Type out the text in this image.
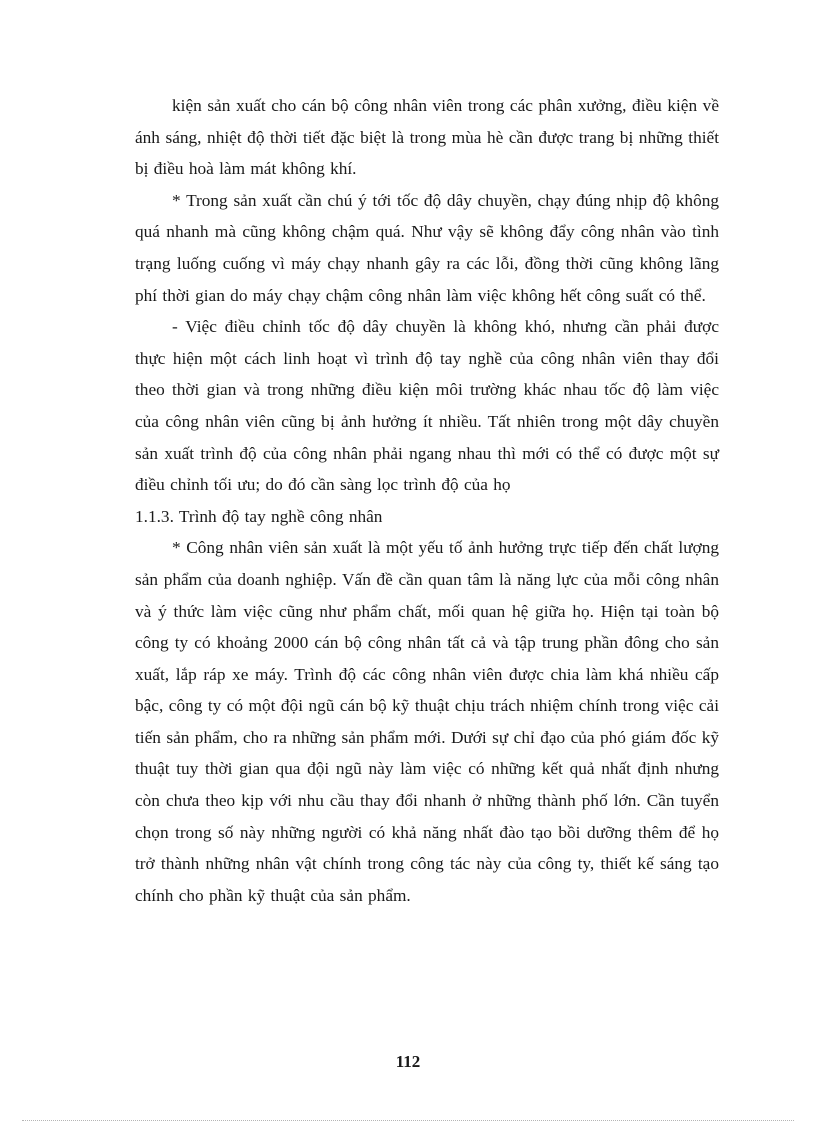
kiện sản xuất cho cán bộ công nhân viên trong các phân xưởng, điều kiện về ánh sáng, nhiệt độ thời tiết đặc biệt là trong mùa hè cần được trang bị những thiết bị điều hoà làm mát không khí.

* Trong sản xuất cần chú ý tới tốc độ dây chuyền, chạy đúng nhịp độ không quá nhanh mà cũng không chậm quá. Như vậy sẽ không đẩy công nhân vào tình trạng luống cuống vì máy chạy nhanh gây ra các lỗi, đồng thời cũng không lãng phí thời gian do máy chạy chậm công nhân làm việc không hết công suất có thể.

- Việc điều chỉnh tốc độ dây chuyền là không khó, nhưng cần phải được thực hiện một cách linh hoạt vì trình độ tay nghề của công nhân viên thay đổi theo thời gian và trong những điều kiện môi trường khác nhau tốc độ làm việc của công nhân viên cũng bị ảnh hưởng ít nhiều. Tất nhiên trong một dây chuyền sản xuất trình độ của công nhân phải ngang nhau thì mới có thể có được một sự điều chỉnh tối ưu; do đó cần sàng lọc trình độ của họ

1.1.3. Trình độ tay nghề công nhân

* Công nhân viên sản xuất là một yếu tố ảnh hưởng trực tiếp đến chất lượng sản phẩm của doanh nghiệp. Vấn đề cần quan tâm là năng lực của mỗi công nhân và ý thức làm việc cũng như phẩm chất, mối quan hệ giữa họ. Hiện tại toàn bộ công ty có khoảng 2000 cán bộ công nhân tất cả và tập trung phần đông cho sản xuất, lắp ráp xe máy. Trình độ các công nhân viên được chia làm khá nhiều cấp bậc, công ty có một đội ngũ cán bộ kỹ thuật chịu trách nhiệm chính trong việc cải tiến sản phẩm, cho ra những sản phẩm mới. Dưới sự chỉ đạo của phó giám đốc kỹ thuật tuy thời gian qua đội ngũ này làm việc có những kết quả nhất định nhưng còn chưa theo kịp với nhu cầu thay đổi nhanh ở những thành phố lớn. Cần tuyển chọn trong số này những người có khả năng nhất đào tạo bồi dưỡng thêm để họ trở thành những nhân vật chính trong công tác này của công ty, thiết kế sáng tạo chính cho phần kỹ thuật của sản phẩm.

112
